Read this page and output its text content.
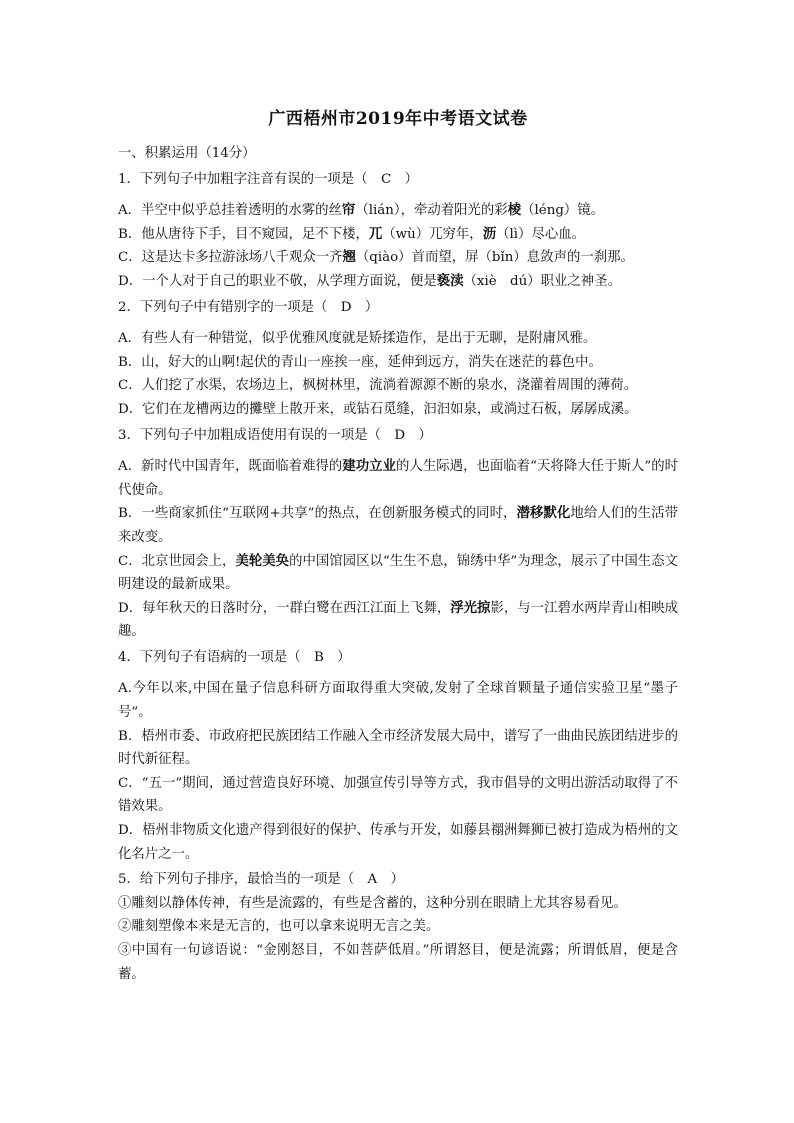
广西梧州市2019年中考语文试卷
一、积累运用（14分）
1．下列句子中加粗字注音有误的一项是（　C　）
A．半空中似乎总挂着透明的水雾的丝帘（lián），牵动着阳光的彩棱（léng）镜。
B．他从唐待下手，目不窥园，足不下楼，兀（wù）兀穷年，沥（lì）尽心血。
C．这是达卡多拉游泳场八千观众一齐翘（qiào）首而望，屏（bǐn）息敛声的一刹那。
D．一个人对于自己的职业不敬，从学理方面说，便是亵渎（xiè　dú）职业之神圣。
2．下列句子中有错别字的一项是（　D　）
A．有些人有一种错觉，似乎优雅风度就是矫揉造作，是出于无聊，是附庸风雅。
B．山，好大的山啊!起伏的青山一座挨一座，延伸到远方，消失在迷茫的暮色中。
C．人们挖了水渠，农场边上，枫树林里，流淌着源源不断的泉水，浇灌着周围的薄荷。
D．它们在龙槽两边的攤壁上散开来，或钻石觅缝，汩汩如泉，或淌过石板，孱孱成溪。
3．下列句子中加粗成语使用有误的一项是（　D　）
A．新时代中国青年，既面临着难得的建功立业的人生际遇，也面临着“天将降大任于斯人”的时代使命。
B．一些商家抓住“互联网+共享”的热点，在创新服务模式的同时，潜移默化地给人们的生活带来改变。
C．北京世园会上，美轮美奂的中国馆园区以“生生不息，锦绣中华”为理念，展示了中国生态文明建设的最新成果。
D．每年秋天的日落时分，一群白鹭在西江江面上飞舞，浮光掠影，与一江碧水两岸青山相映成趣。
4．下列句子有语病的一项是（　B　）
A.今年以来,中国在量子信息科研方面取得重大突破,发射了全球首颗量子通信实验卫星“墨子号”。
B．梧州市委、市政府把民族团结工作融入全市经济发展大局中，谱写了一曲曲民族团结进步的时代新征程。
C．“五一”期间，通过营造良好环境、加强宣传引导等方式，我市倡导的文明出游活动取得了不错效果。
D．梧州非物质文化遗产得到很好的保护、传承与开发，如藤县禤洲舞狮已被打造成为梧州的文化名片之一。
5．给下列句子排序，最恰当的一项是（　A　）
①雕刻以静体传神，有些是流露的，有些是含蓄的，这种分别在眼睛上尤其容易看见。
②雕刻塑像本来是无言的，也可以拿来说明无言之美。
③中国有一句谚语说：“金刚怒目，不如菩萨低眉。”所谓怒目，便是流露；所谓低眉，便是含蓄。
